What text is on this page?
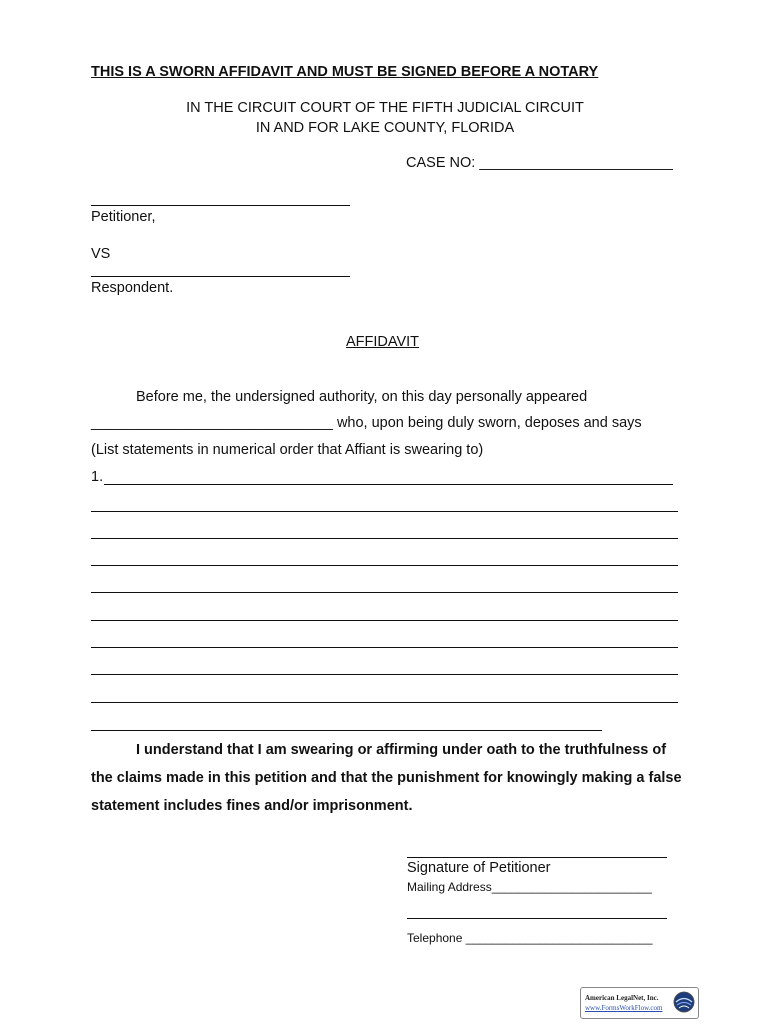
THIS IS A SWORN AFFIDAVIT AND MUST BE SIGNED BEFORE A NOTARY
IN THE CIRCUIT COURT OF THE FIFTH JUDICIAL CIRCUIT
IN AND FOR LAKE COUNTY, FLORIDA
CASE NO: ________________________
Petitioner,
VS
Respondent.
AFFIDAVIT
Before me, the undersigned authority, on this day personally appeared
______________________________ who, upon being duly sworn, deposes and says
(List statements in numerical order that Affiant is swearing to)
1.
I understand that I am swearing or affirming under oath to the truthfulness of the claims made in this petition and that the punishment for knowingly making a false statement includes fines and/or imprisonment.
Signature of Petitioner
Mailing Address________________________
Telephone ____________________________
American LegalNet, Inc.
www.FormsWorkFlow.com
